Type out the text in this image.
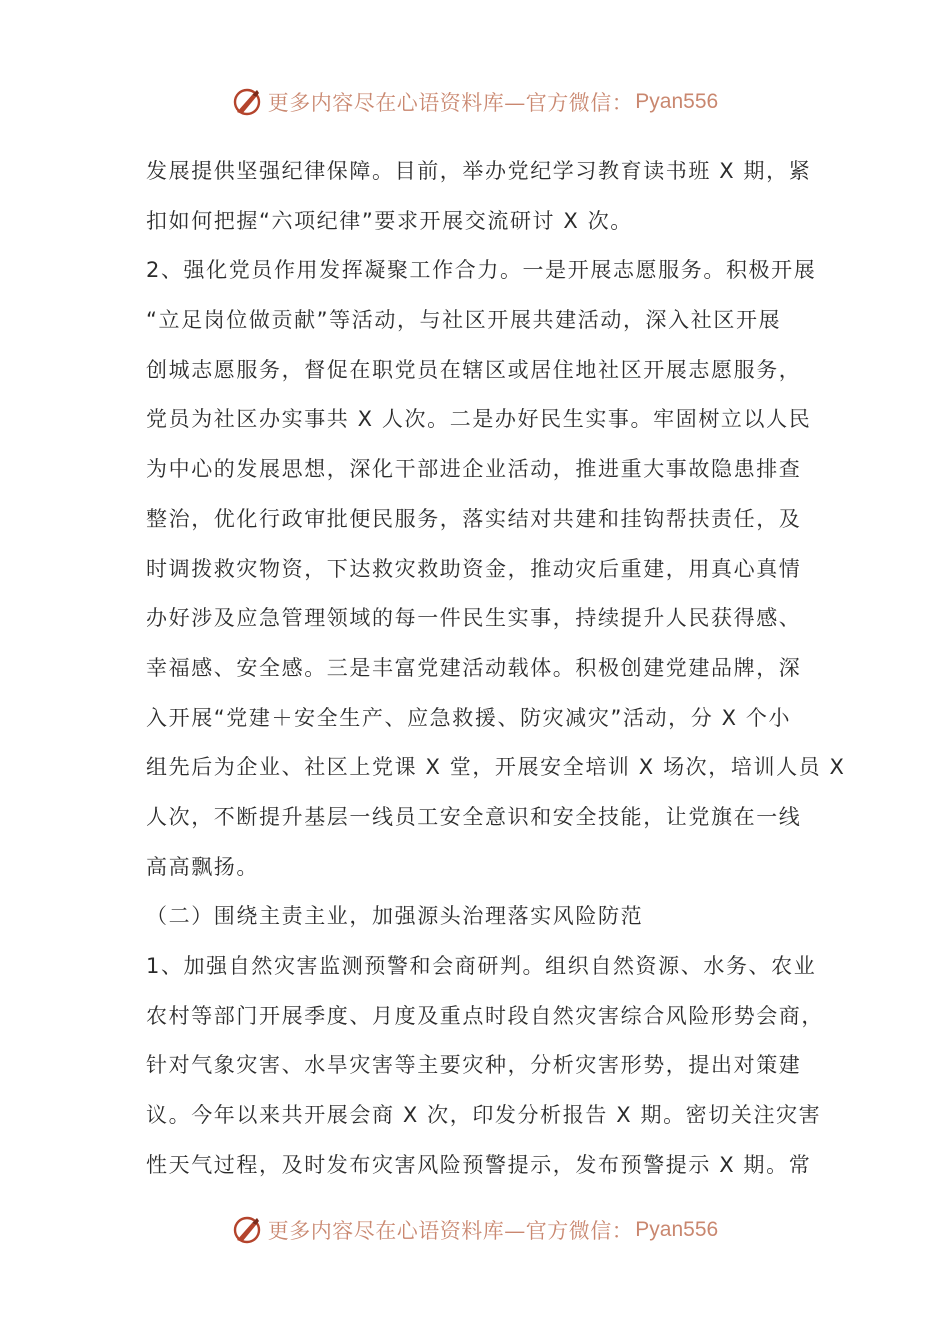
更多内容尽在心语资料库—官方微信： Pyan556
发展提供坚强纪律保障。目前，举办党纪学习教育读书班 X 期，紧
扣如何把握“六项纪律”要求开展交流研讨 X 次。
2、强化党员作用发挥凝聚工作合力。一是开展志愿服务。积极开展
“立足岗位做贡献”等活动，与社区开展共建活动，深入社区开展
创城志愿服务，督促在职党员在辖区或居住地社区开展志愿服务，
党员为社区办实事共 X 人次。二是办好民生实事。牢固树立以人民
为中心的发展思想，深化干部进企业活动，推进重大事故隐患排查
整治，优化行政审批便民服务，落实结对共建和挂钩帮扶责任，及
时调拨救灾物资，下达救灾救助资金，推动灾后重建，用真心真情
办好涉及应急管理领域的每一件民生实事，持续提升人民获得感、
幸福感、安全感。三是丰富党建活动载体。积极创建党建品牌，深
入开展“党建＋安全生产、应急救援、防灾减灾”活动，分 X 个小
组先后为企业、社区上党课 X 堂，开展安全培训 X 场次，培训人员 X
人次，不断提升基层一线员工安全意识和安全技能，让党旗在一线
高高飘扬。
（二）围绕主责主业，加强源头治理落实风险防范
1、加强自然灾害监测预警和会商研判。组织自然资源、水务、农业
农村等部门开展季度、月度及重点时段自然灾害综合风险形势会商，
针对气象灾害、水旱灾害等主要灾种，分析灾害形势，提出对策建
议。今年以来共开展会商 X 次，印发分析报告 X 期。密切关注灾害
性天气过程，及时发布灾害风险预警提示，发布预警提示 X 期。常
更多内容尽在心语资料库—官方微信： Pyan556
